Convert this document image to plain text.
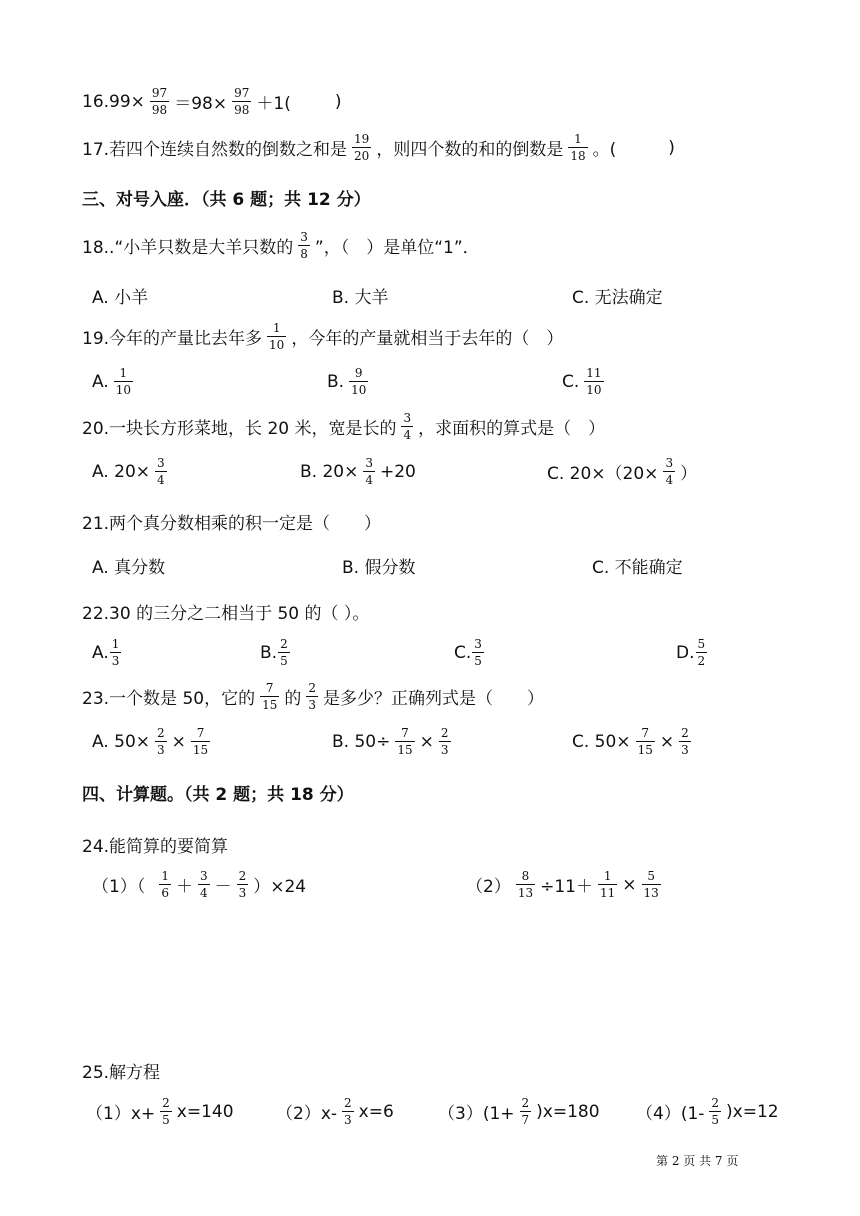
$16.99\times \frac{97}{98} =98\times \frac{97}{98} +1$(	)
17.若四个连续自然数的倒数之和是 $\frac{19}{20}$ ，则四个数的和的倒数是 $\frac{1}{18}$ 。(	)
三、对号入座．（共 6 题；共 12 分）
18..“小羊只数是大羊只数的 $\frac{3}{8}$ ”，（　）是单位“1”．
A. 小羊	B. 大羊	C. 无法确定
19.今年的产量比去年多 $\frac{1}{10}$ ，今年的产量就相当于去年的（　）
A. $\frac{1}{10}$	B. $\frac{9}{10}$	C. $\frac{11}{10}$
20.一块长方形菜地，长 20 米，宽是长的 $\frac{3}{4}$ ，求面积的算式是（　）
A. $20\times \frac{3}{4}$	B. $20\times \frac{3}{4} +20$	C. $20\times(20\times \frac{3}{4}$ ）
21.两个真分数相乘的积一定是（　　）
A. 真分数	B. 假分数	C. 不能确定
22.30 的三分之二相当于 50 的（ ）。
A. $\frac{1}{3}$	B. $\frac{2}{5}$	C. $\frac{3}{5}$	D. $\frac{5}{2}$
23.一个数是 50，它的 $\frac{7}{15}$ 的 $\frac{2}{3}$ 是多少？正确列式是（　　）
A. $50\times \frac{2}{3} \times \frac{7}{15}$	B. $50\div \frac{7}{15} \times \frac{2}{3}$	C. $50\times \frac{7}{15} \times \frac{2}{3}$
四、计算题。（共 2 题；共 18 分）
24.能简算的要简算
$(1)( \frac{1}{6} + \frac{3}{4} - \frac{2}{3} )\times 24$	$(2) \frac{8}{13} \div 11+ \frac{1}{11} \times \frac{5}{13}$
25.解方程
$(1)x+ \frac{2}{5} x=140$ $(2)x- \frac{2}{3} x=6$	$(3)(1+ \frac{2}{7} )x=180$ $(4)(1- \frac{2}{5} )x=12$
第 2 页 共 7 页
